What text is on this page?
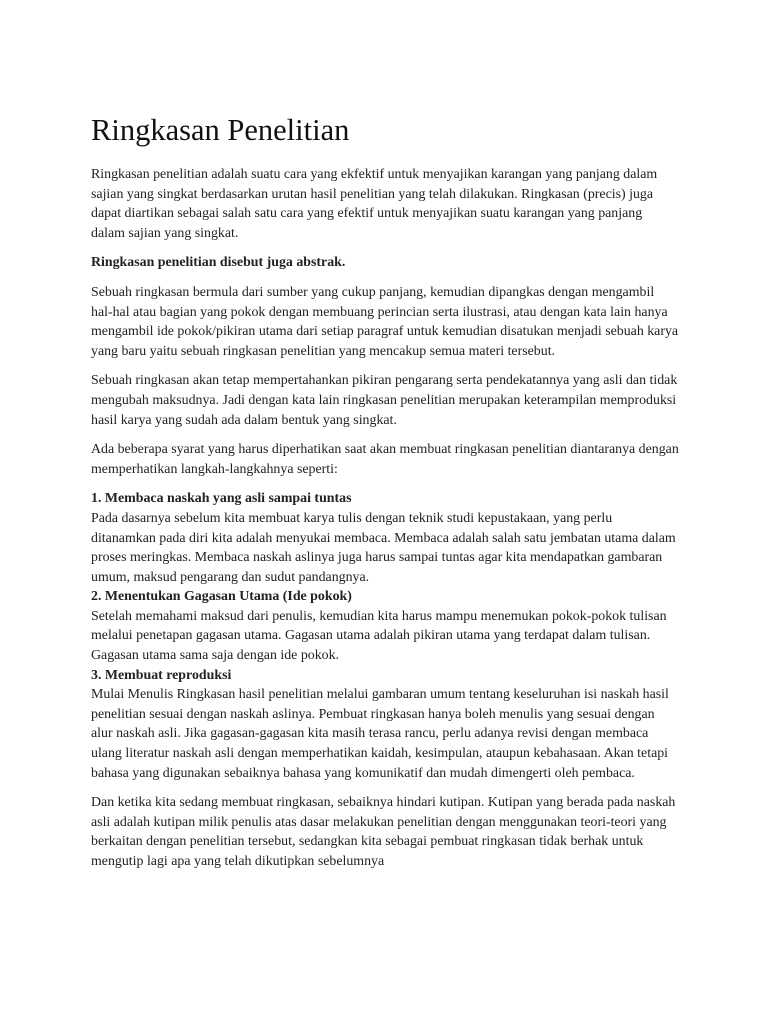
Ringkasan Penelitian

Ringkasan penelitian adalah suatu cara yang ekfektif untuk menyajikan karangan yang panjang dalam sajian yang singkat berdasarkan urutan hasil penelitian yang telah dilakukan. Ringkasan (precis) juga dapat diartikan sebagai salah satu cara yang efektif untuk menyajikan suatu karangan yang panjang dalam sajian yang singkat.

Ringkasan penelitian disebut juga abstrak.

Sebuah ringkasan bermula dari sumber yang cukup panjang, kemudian dipangkas dengan mengambil hal-hal atau bagian yang pokok dengan membuang perincian serta ilustrasi, atau dengan kata lain hanya mengambil ide pokok/pikiran utama dari setiap paragraf untuk kemudian disatukan menjadi sebuah karya yang baru yaitu sebuah ringkasan penelitian yang mencakup semua materi tersebut.

Sebuah ringkasan akan tetap mempertahankan pikiran pengarang serta pendekatannya yang asli dan tidak mengubah maksudnya. Jadi dengan kata lain ringkasan penelitian merupakan keterampilan memproduksi hasil karya yang sudah ada dalam bentuk yang singkat.

Ada beberapa syarat yang harus diperhatikan saat akan membuat ringkasan penelitian diantaranya dengan memperhatikan langkah-langkahnya seperti:

1. Membaca naskah yang asli sampai tuntas
Pada dasarnya sebelum kita membuat karya tulis dengan teknik studi kepustakaan, yang perlu ditanamkan pada diri kita adalah menyukai membaca. Membaca adalah salah satu jembatan utama dalam proses meringkas. Membaca naskah aslinya juga harus sampai tuntas agar kita mendapatkan gambaran umum, maksud pengarang dan sudut pandangnya.

2. Menentukan Gagasan Utama (Ide pokok)
Setelah memahami maksud dari penulis, kemudian kita harus mampu menemukan pokok-pokok tulisan melalui penetapan gagasan utama. Gagasan utama adalah pikiran utama yang terdapat dalam tulisan. Gagasan utama sama saja dengan ide pokok.

3. Membuat reproduksi
Mulai Menulis Ringkasan hasil penelitian melalui gambaran umum tentang keseluruhan isi naskah hasil penelitian sesuai dengan naskah aslinya. Pembuat ringkasan hanya boleh menulis yang sesuai dengan alur naskah asli. Jika gagasan-gagasan kita masih terasa rancu, perlu adanya revisi dengan membaca ulang literatur naskah asli dengan memperhatikan kaidah, kesimpulan, ataupun kebahasaan. Akan tetapi bahasa yang digunakan sebaiknya bahasa yang komunikatif dan mudah dimengerti oleh pembaca.

Dan ketika kita sedang membuat ringkasan, sebaiknya hindari kutipan. Kutipan yang berada pada naskah asli adalah kutipan milik penulis atas dasar melakukan penelitian dengan menggunakan teori-teori yang berkaitan dengan penelitian tersebut, sedangkan kita sebagai pembuat ringkasan tidak berhak untuk mengutip lagi apa yang telah dikutipkan sebelumnya
